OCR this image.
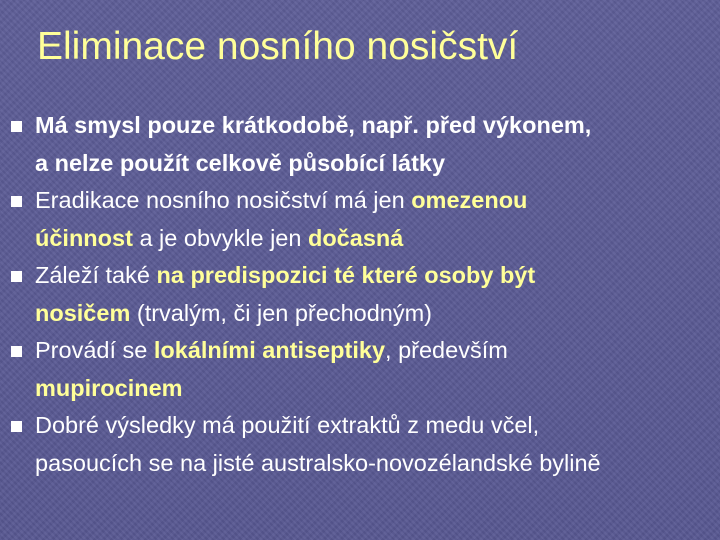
Eliminace nosního nosičství
Má smysl pouze krátkodobě, např. před výkonem,
a nelze použít celkově působící látky
Eradikace nosního nosičství má jen omezenou
účinnost a je obvykle jen dočasná
Záleží také na predispozici té které osoby být
nosičem (trvalým, či jen přechodným)
Provádí se lokálními antiseptiky, především
mupirocinem
Dobré výsledky má použití extraktů z medu včel,
pasoucích se na jisté australsko-novozélandské bylině
